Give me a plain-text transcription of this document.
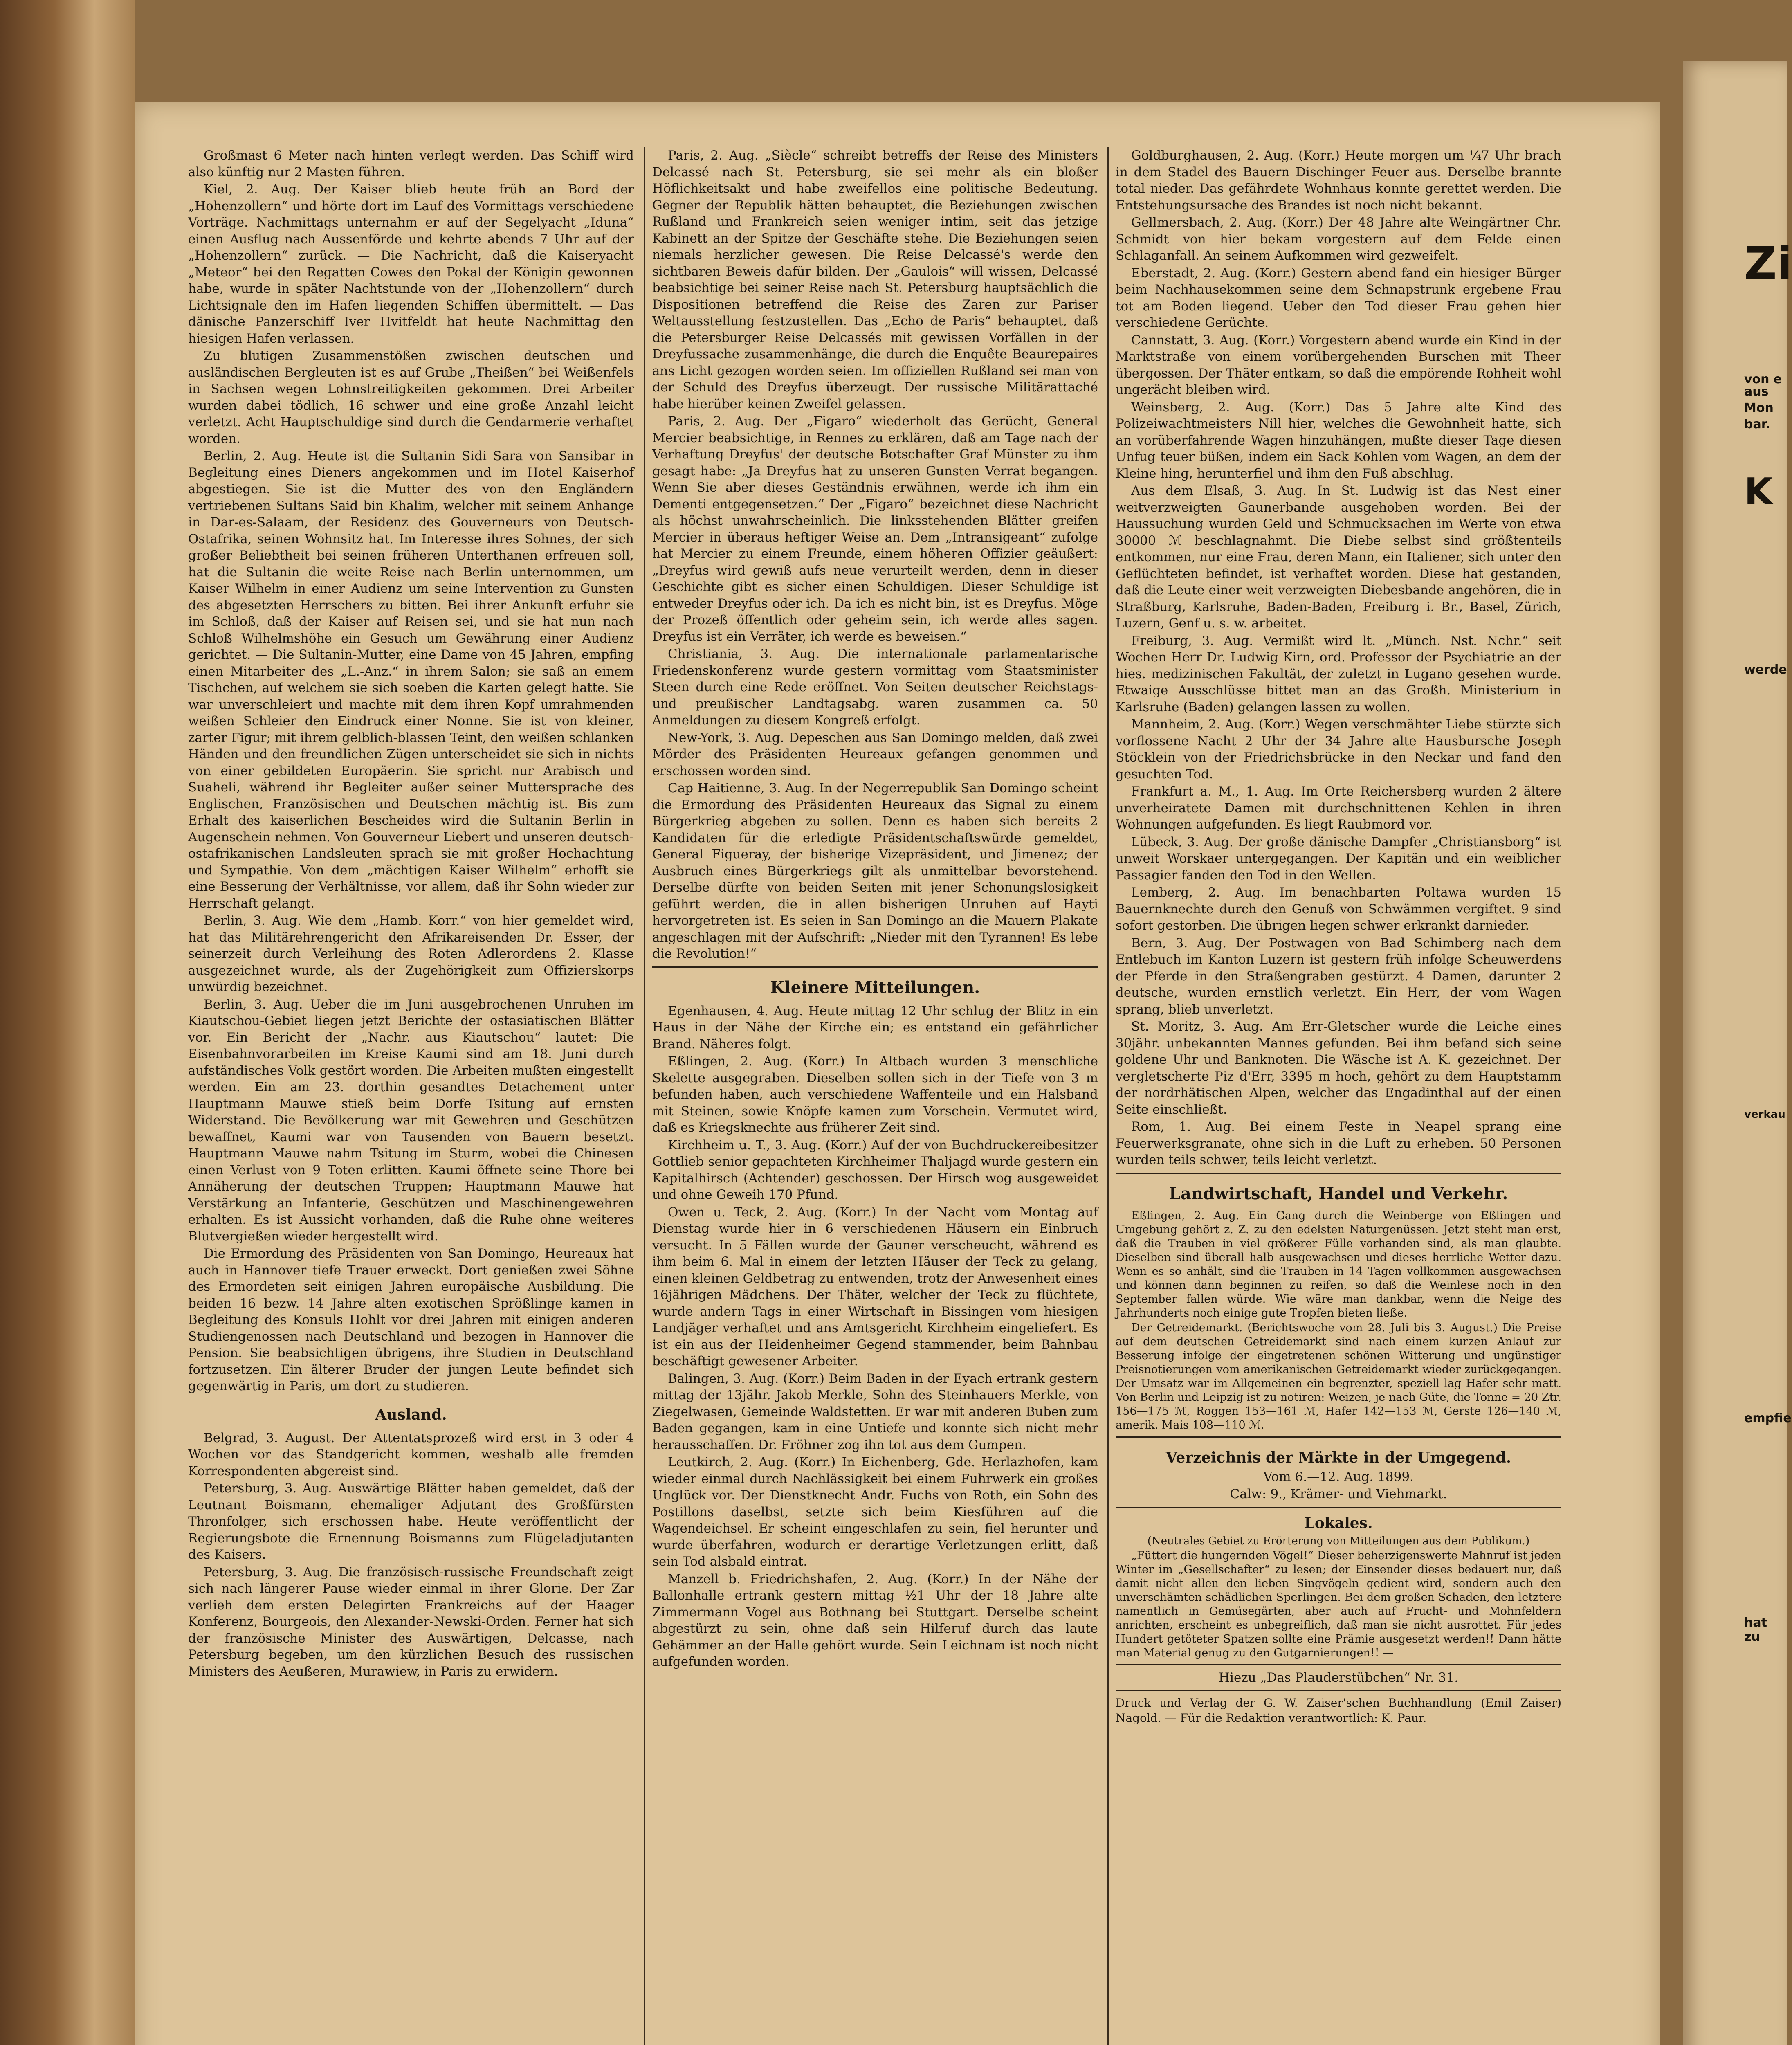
Großmast 6 Meter nach hinten verlegt werden. Das Schiff wird also künftig nur 2 Masten führen.

Kiel, 2. Aug. Der Kaiser blieb heute früh an Bord der „Hohenzollern“ und hörte dort im Lauf des Vormittags verschiedene Vorträge. Nachmittags unternahm er auf der Segelyacht „Iduna“ einen Ausflug nach Aussenförde und kehrte abends 7 Uhr auf der „Hohenzollern“ zurück. — Die Nachricht, daß die Kaiseryacht „Meteor“ bei den Regatten Cowes den Pokal der Königin gewonnen habe, wurde in später Nachtstunde von der „Hohenzollern“ durch Lichtsignale den im Hafen liegenden Schiffen übermittelt. — Das dänische Panzerschiff Iver Hvitfeldt hat heute Nachmittag den hiesigen Hafen verlassen.

Zu blutigen Zusammenstößen zwischen deutschen und ausländischen Bergleuten ist es auf Grube „Theißen“ bei Weißenfels in Sachsen wegen Lohnstreitigkeiten gekommen. Drei Arbeiter wurden dabei tödlich, 16 schwer und eine große Anzahl leicht verletzt. Acht Hauptschuldige sind durch die Gendarmerie verhaftet worden.

Berlin, 2. Aug. Heute ist die Sultanin Sidi Sara von Sansibar in Begleitung eines Dieners angekommen und im Hotel Kaiserhof abgestiegen. Sie ist die Mutter des von den Engländern vertriebenen Sultans Said bin Khalim, welcher mit seinem Anhange in Dar-es-Salaam, der Residenz des Gouverneurs von Deutsch-Ostafrika, seinen Wohnsitz hat. Im Interesse ihres Sohnes, der sich großer Beliebtheit bei seinen früheren Unterthanen erfreuen soll, hat die Sultanin die weite Reise nach Berlin unternommen, um Kaiser Wilhelm in einer Audienz um seine Intervention zu Gunsten des abgesetzten Herrschers zu bitten. Bei ihrer Ankunft erfuhr sie im Schloß, daß der Kaiser auf Reisen sei, und sie hat nun nach Schloß Wilhelmshöhe ein Gesuch um Gewährung einer Audienz gerichtet. — Die Sultanin-Mutter, eine Dame von 45 Jahren, empfing einen Mitarbeiter des „L.-Anz.“ in ihrem Salon; sie saß an einem Tischchen, auf welchem sie sich soeben die Karten gelegt hatte. Sie war unverschleiert und machte mit dem ihren Kopf umrahmenden weißen Schleier den Eindruck einer Nonne. Sie ist von kleiner, zarter Figur; mit ihrem gelblich-blassen Teint, den weißen schlanken Händen und den freundlichen Zügen unterscheidet sie sich in nichts von einer gebildeten Europäerin. Sie spricht nur Arabisch und Suaheli, während ihr Begleiter außer seiner Muttersprache des Englischen, Französischen und Deutschen mächtig ist. Bis zum Erhalt des kaiserlichen Bescheides wird die Sultanin Berlin in Augenschein nehmen. Von Gouverneur Liebert und unseren deutsch-ostafrikanischen Landsleuten sprach sie mit großer Hochachtung und Sympathie. Von dem „mächtigen Kaiser Wilhelm“ erhofft sie eine Besserung der Verhältnisse, vor allem, daß ihr Sohn wieder zur Herrschaft gelangt.

Berlin, 3. Aug. Wie dem „Hamb. Korr.“ von hier gemeldet wird, hat das Militärehrengericht den Afrikareisenden Dr. Esser, der seinerzeit durch Verleihung des Roten Adlerordens 2. Klasse ausgezeichnet wurde, als der Zugehörigkeit zum Offizierskorps unwürdig bezeichnet.

Berlin, 3. Aug. Ueber die im Juni ausgebrochenen Unruhen im Kiautschou-Gebiet liegen jetzt Berichte der ostasiatischen Blätter vor. Ein Bericht der „Nachr. aus Kiautschou“ lautet: Die Eisenbahnvorarbeiten im Kreise Kaumi sind am 18. Juni durch aufständisches Volk gestört worden. Die Arbeiten mußten eingestellt werden. Ein am 23. dorthin gesandtes Detachement unter Hauptmann Mauwe stieß beim Dorfe Tsitung auf ernsten Widerstand. Die Bevölkerung war mit Gewehren und Geschützen bewaffnet, Kaumi war von Tausenden von Bauern besetzt. Hauptmann Mauwe nahm Tsitung im Sturm, wobei die Chinesen einen Verlust von 9 Toten erlitten. Kaumi öffnete seine Thore bei Annäherung der deutschen Truppen; Hauptmann Mauwe hat Verstärkung an Infanterie, Geschützen und Maschinengewehren erhalten. Es ist Aussicht vorhanden, daß die Ruhe ohne weiteres Blutvergießen wieder hergestellt wird.

Die Ermordung des Präsidenten von San Domingo, Heureaux hat auch in Hannover tiefe Trauer erweckt. Dort genießen zwei Söhne des Ermordeten seit einigen Jahren europäische Ausbildung. Die beiden 16 bezw. 14 Jahre alten exotischen Sprößlinge kamen in Begleitung des Konsuls Hohlt vor drei Jahren mit einigen anderen Studiengenossen nach Deutschland und bezogen in Hannover die Pension. Sie beabsichtigen übrigens, ihre Studien in Deutschland fortzusetzen. Ein älterer Bruder der jungen Leute befindet sich gegenwärtig in Paris, um dort zu studieren.

Ausland.

Belgrad, 3. August. Der Attentatsprozeß wird erst in 3 oder 4 Wochen vor das Standgericht kommen, weshalb alle fremden Korrespondenten abgereist sind.

Petersburg, 3. Aug. Auswärtige Blätter haben gemeldet, daß der Leutnant Boismann, ehemaliger Adjutant des Großfürsten Thronfolger, sich erschossen habe. Heute veröffentlicht der Regierungsbote die Ernennung Boismanns zum Flügeladjutanten des Kaisers.

Petersburg, 3. Aug. Die französisch-russische Freundschaft zeigt sich nach längerer Pause wieder einmal in ihrer Glorie. Der Zar verlieh dem ersten Delegirten Frankreichs auf der Haager Konferenz, Bourgeois, den Alexander-Newski-Orden. Ferner hat sich der französische Minister des Auswärtigen, Delcasse, nach Petersburg begeben, um den kürzlichen Besuch des russischen Ministers des Aeußeren, Murawiew, in Paris zu erwidern.

Paris, 2. Aug. „Siècle“ schreibt betreffs der Reise des Ministers Delcassé nach St. Petersburg, sie sei mehr als ein bloßer Höflichkeitsakt und habe zweifellos eine politische Bedeutung. Gegner der Republik hätten behauptet, die Beziehungen zwischen Rußland und Frankreich seien weniger intim, seit das jetzige Kabinett an der Spitze der Geschäfte stehe. Die Beziehungen seien niemals herzlicher gewesen. Die Reise Delcassé's werde den sichtbaren Beweis dafür bilden. Der „Gaulois“ will wissen, Delcassé beabsichtige bei seiner Reise nach St. Petersburg hauptsächlich die Dispositionen betreffend die Reise des Zaren zur Pariser Weltausstellung festzustellen. Das „Echo de Paris“ behauptet, daß die Petersburger Reise Delcassés mit gewissen Vorfällen in der Dreyfussache zusammenhänge, die durch die Enquête Beaurepaires ans Licht gezogen worden seien. Im offiziellen Rußland sei man von der Schuld des Dreyfus überzeugt. Der russische Militärattaché habe hierüber keinen Zweifel gelassen.

Paris, 2. Aug. Der „Figaro“ wiederholt das Gerücht, General Mercier beabsichtige, in Rennes zu erklären, daß am Tage nach der Verhaftung Dreyfus' der deutsche Botschafter Graf Münster zu ihm gesagt habe: „Ja Dreyfus hat zu unseren Gunsten Verrat begangen. Wenn Sie aber dieses Geständnis erwähnen, werde ich ihm ein Dementi entgegensetzen.“ Der „Figaro“ bezeichnet diese Nachricht als höchst unwahrscheinlich. Die linksstehenden Blätter greifen Mercier in überaus heftiger Weise an. Dem „Intransigeant“ zufolge hat Mercier zu einem Freunde, einem höheren Offizier geäußert: „Dreyfus wird gewiß aufs neue verurteilt werden, denn in dieser Geschichte gibt es sicher einen Schuldigen. Dieser Schuldige ist entweder Dreyfus oder ich. Da ich es nicht bin, ist es Dreyfus. Möge der Prozeß öffentlich oder geheim sein, ich werde alles sagen. Dreyfus ist ein Verräter, ich werde es beweisen.“

Christiania, 3. Aug. Die internationale parlamentarische Friedenskonferenz wurde gestern vormittag vom Staatsminister Steen durch eine Rede eröffnet. Von Seiten deutscher Reichstags- und preußischer Landtagsabg. waren zusammen ca. 50 Anmeldungen zu diesem Kongreß erfolgt.

New-York, 3. Aug. Depeschen aus San Domingo melden, daß zwei Mörder des Präsidenten Heureaux gefangen genommen und erschossen worden sind.

Cap Haitienne, 3. Aug. In der Negerrepublik San Domingo scheint die Ermordung des Präsidenten Heureaux das Signal zu einem Bürgerkrieg abgeben zu sollen. Denn es haben sich bereits 2 Kandidaten für die erledigte Präsidentschaftswürde gemeldet, General Figueray, der bisherige Vizepräsident, und Jimenez; der Ausbruch eines Bürgerkriegs gilt als unmittelbar bevorstehend. Derselbe dürfte von beiden Seiten mit jener Schonungslosigkeit geführt werden, die in allen bisherigen Unruhen auf Hayti hervorgetreten ist. Es seien in San Domingo an die Mauern Plakate angeschlagen mit der Aufschrift: „Nieder mit den Tyrannen! Es lebe die Revolution!“

Kleinere Mitteilungen.

Egenhausen, 4. Aug. Heute mittag 12 Uhr schlug der Blitz in ein Haus in der Nähe der Kirche ein; es entstand ein gefährlicher Brand. Näheres folgt.

Eßlingen, 2. Aug. (Korr.) In Altbach wurden 3 menschliche Skelette ausgegraben. Dieselben sollen sich in der Tiefe von 3 m befunden haben, auch verschiedene Waffenteile und ein Halsband mit Steinen, sowie Knöpfe kamen zum Vorschein. Vermutet wird, daß es Kriegsknechte aus früherer Zeit sind.

Kirchheim u. T., 3. Aug. (Korr.) Auf der von Buchdruckereibesitzer Gottlieb senior gepachteten Kirchheimer Thaljagd wurde gestern ein Kapitalhirsch (Achtender) geschossen. Der Hirsch wog ausgeweidet und ohne Geweih 170 Pfund.

Owen u. Teck, 2. Aug. (Korr.) In der Nacht vom Montag auf Dienstag wurde hier in 6 verschiedenen Häusern ein Einbruch versucht. In 5 Fällen wurde der Gauner verscheucht, während es ihm beim 6. Mal in einem der letzten Häuser der Teck zu gelang, einen kleinen Geldbetrag zu entwenden, trotz der Anwesenheit eines 16jährigen Mädchens. Der Thäter, welcher der Teck zu flüchtete, wurde andern Tags in einer Wirtschaft in Bissingen vom hiesigen Landjäger verhaftet und ans Amtsgericht Kirchheim eingeliefert. Es ist ein aus der Heidenheimer Gegend stammender, beim Bahnbau beschäftigt gewesener Arbeiter.

Balingen, 3. Aug. (Korr.) Beim Baden in der Eyach ertrank gestern mittag der 13jähr. Jakob Merkle, Sohn des Steinhauers Merkle, von Ziegelwasen, Gemeinde Waldstetten. Er war mit anderen Buben zum Baden gegangen, kam in eine Untiefe und konnte sich nicht mehr herausschaffen. Dr. Fröhner zog ihn tot aus dem Gumpen.

Leutkirch, 2. Aug. (Korr.) In Eichenberg, Gde. Herlazhofen, kam wieder einmal durch Nachlässigkeit bei einem Fuhrwerk ein großes Unglück vor. Der Dienstknecht Andr. Fuchs von Roth, ein Sohn des Postillons daselbst, setzte sich beim Kiesführen auf die Wagendeichsel. Er scheint eingeschlafen zu sein, fiel herunter und wurde überfahren, wodurch er derartige Verletzungen erlitt, daß sein Tod alsbald eintrat.

Manzell b. Friedrichshafen, 2. Aug. (Korr.) In der Nähe der Ballonhalle ertrank gestern mittag ½1 Uhr der 18 Jahre alte Zimmermann Vogel aus Bothnang bei Stuttgart. Derselbe scheint abgestürzt zu sein, ohne daß sein Hilferuf durch das laute Gehämmer an der Halle gehört wurde. Sein Leichnam ist noch nicht aufgefunden worden.

Goldburghausen, 2. Aug. (Korr.) Heute morgen um ¼7 Uhr brach in dem Stadel des Bauern Dischinger Feuer aus. Derselbe brannte total nieder. Das gefährdete Wohnhaus konnte gerettet werden. Die Entstehungsursache des Brandes ist noch nicht bekannt.

Gellmersbach, 2. Aug. (Korr.) Der 48 Jahre alte Weingärtner Chr. Schmidt von hier bekam vorgestern auf dem Felde einen Schlaganfall. An seinem Aufkommen wird gezweifelt.

Eberstadt, 2. Aug. (Korr.) Gestern abend fand ein hiesiger Bürger beim Nachhausekommen seine dem Schnapstrunk ergebene Frau tot am Boden liegend. Ueber den Tod dieser Frau gehen hier verschiedene Gerüchte.

Cannstatt, 3. Aug. (Korr.) Vorgestern abend wurde ein Kind in der Marktstraße von einem vorübergehenden Burschen mit Theer übergossen. Der Thäter entkam, so daß die empörende Rohheit wohl ungerächt bleiben wird.

Weinsberg, 2. Aug. (Korr.) Das 5 Jahre alte Kind des Polizeiwachtmeisters Nill hier, welches die Gewohnheit hatte, sich an vorüberfahrende Wagen hinzuhängen, mußte dieser Tage diesen Unfug teuer büßen, indem ein Sack Kohlen vom Wagen, an dem der Kleine hing, herunterfiel und ihm den Fuß abschlug.

Aus dem Elsaß, 3. Aug. In St. Ludwig ist das Nest einer weitverzweigten Gaunerbande ausgehoben worden. Bei der Haussuchung wurden Geld und Schmucksachen im Werte von etwa 30000 ℳ beschlagnahmt. Die Diebe selbst sind größtenteils entkommen, nur eine Frau, deren Mann, ein Italiener, sich unter den Geflüchteten befindet, ist verhaftet worden. Diese hat gestanden, daß die Leute einer weit verzweigten Diebesbande angehören, die in Straßburg, Karlsruhe, Baden-Baden, Freiburg i. Br., Basel, Zürich, Luzern, Genf u. s. w. arbeitet.

Freiburg, 3. Aug. Vermißt wird lt. „Münch. Nst. Nchr.“ seit Wochen Herr Dr. Ludwig Kirn, ord. Professor der Psychiatrie an der hies. medizinischen Fakultät, der zuletzt in Lugano gesehen wurde. Etwaige Ausschlüsse bittet man an das Großh. Ministerium in Karlsruhe (Baden) gelangen lassen zu wollen.

Mannheim, 2. Aug. (Korr.) Wegen verschmähter Liebe stürzte sich vorflossene Nacht 2 Uhr der 34 Jahre alte Hausbursche Joseph Stöcklein von der Friedrichsbrücke in den Neckar und fand den gesuchten Tod.

Frankfurt a. M., 1. Aug. Im Orte Reichersberg wurden 2 ältere unverheiratete Damen mit durchschnittenen Kehlen in ihren Wohnungen aufgefunden. Es liegt Raubmord vor.

Lübeck, 3. Aug. Der große dänische Dampfer „Christiansborg“ ist unweit Worskaer untergegangen. Der Kapitän und ein weiblicher Passagier fanden den Tod in den Wellen.

Lemberg, 2. Aug. Im benachbarten Poltawa wurden 15 Bauernknechte durch den Genuß von Schwämmen vergiftet. 9 sind sofort gestorben. Die übrigen liegen schwer erkrankt darnieder.

Bern, 3. Aug. Der Postwagen von Bad Schimberg nach dem Entlebuch im Kanton Luzern ist gestern früh infolge Scheuwerdens der Pferde in den Straßengraben gestürzt. 4 Damen, darunter 2 deutsche, wurden ernstlich verletzt. Ein Herr, der vom Wagen sprang, blieb unverletzt.

St. Moritz, 3. Aug. Am Err-Gletscher wurde die Leiche eines 30jähr. unbekannten Mannes gefunden. Bei ihm befand sich seine goldene Uhr und Banknoten. Die Wäsche ist A. K. gezeichnet. Der vergletscherte Piz d'Err, 3395 m hoch, gehört zu dem Hauptstamm der nordrhätischen Alpen, welcher das Engadinthal auf der einen Seite einschließt.

Rom, 1. Aug. Bei einem Feste in Neapel sprang eine Feuerwerksgranate, ohne sich in die Luft zu erheben. 50 Personen wurden teils schwer, teils leicht verletzt.

Landwirtschaft, Handel und Verkehr.

Eßlingen, 2. Aug. Ein Gang durch die Weinberge von Eßlingen und Umgebung gehört z. Z. zu den edelsten Naturgenüssen. Jetzt steht man erst, daß die Trauben in viel größerer Fülle vorhanden sind, als man glaubte. Dieselben sind überall halb ausgewachsen und dieses herrliche Wetter dazu. Wenn es so anhält, sind die Trauben in 14 Tagen vollkommen ausgewachsen und können dann beginnen zu reifen, so daß die Weinlese noch in den September fallen würde. Wie wäre man dankbar, wenn die Neige des Jahrhunderts noch einige gute Tropfen bieten ließe.

Der Getreidemarkt. (Berichtswoche vom 28. Juli bis 3. August.) Die Preise auf dem deutschen Getreidemarkt sind nach einem kurzen Anlauf zur Besserung infolge der eingetretenen schönen Witterung und ungünstiger Preisnotierungen vom amerikanischen Getreidemarkt wieder zurückgegangen. Der Umsatz war im Allgemeinen ein begrenzter, speziell lag Hafer sehr matt. Von Berlin und Leipzig ist zu notiren: Weizen, je nach Güte, die Tonne = 20 Ztr. 156—175 ℳ, Roggen 153—161 ℳ, Hafer 142—153 ℳ, Gerste 126—140 ℳ, amerik. Mais 108—110 ℳ.

Verzeichnis der Märkte in der Umgegend.

Vom 6.—12. Aug. 1899.

Calw: 9., Krämer- und Viehmarkt.

Lokales.

(Neutrales Gebiet zu Erörterung von Mitteilungen aus dem Publikum.)

„Füttert die hungernden Vögel!“ Dieser beherzigenswerte Mahnruf ist jeden Winter im „Gesellschafter“ zu lesen; der Einsender dieses bedauert nur, daß damit nicht allen den lieben Singvögeln gedient wird, sondern auch den unverschämten schädlichen Sperlingen. Bei dem großen Schaden, den letztere namentlich in Gemüsegärten, aber auch auf Frucht- und Mohnfeldern anrichten, erscheint es unbegreiflich, daß man sie nicht ausrottet. Für jedes Hundert getöteter Spatzen sollte eine Prämie ausgesetzt werden!! Dann hätte man Material genug zu den Gutgarnierungen!! —

Hiezu „Das Plauderstübchen“ Nr. 31.

Druck und Verlag der G. W. Zaiser'schen Buchhandlung (Emil Zaiser) Nagold. — Für die Redaktion verantwortlich: K. Paur.

Zi
von e
aus
Mon
bar.
K
werde
verkau
empfie
hat zu
